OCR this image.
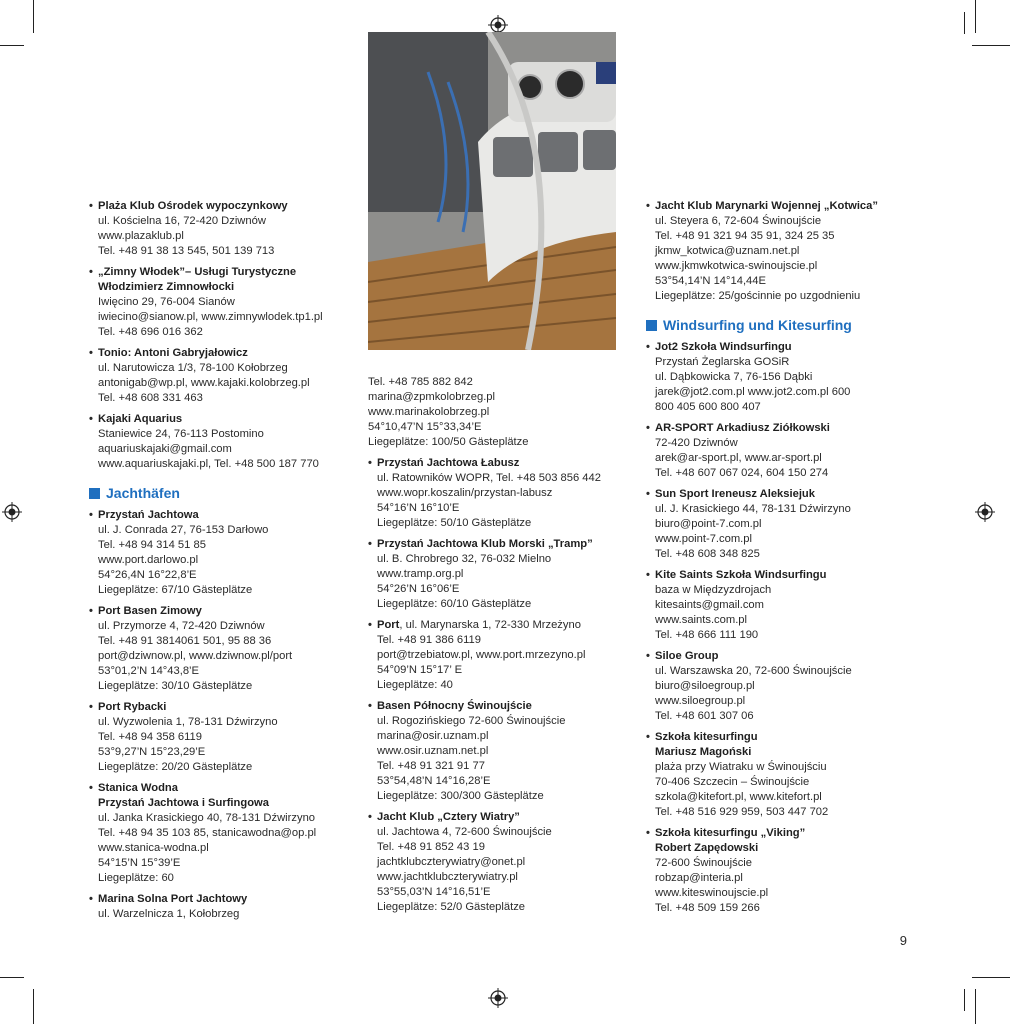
• Plaża Klub Ośrodek wypoczynkowy
ul. Kościelna 16, 72-420 Dziwnów
www.plazaklub.pl
Tel. +48 91 38 13 545, 501 139 713
• „Zimny Włodek”– Usługi Turystyczne
Włodzimierz Zimnowłocki
Iwięcino 29, 76-004 Sianów
iwiecino@sianow.pl, www.zimnywlodek.tp1.pl
Tel. +48 696 016 362
• Tonio: Antoni Gabryjałowicz
ul. Narutowicza 1/3, 78-100 Kołobrzeg
antonigab@wp.pl, www.kajaki.kolobrzeg.pl
Tel. +48 608 331 463
• Kajaki Aquarius
Staniewice 24, 76-113 Postomino
aquariuskajaki@gmail.com
www.aquariuskajaki.pl, Tel. +48 500 187 770
Jachthäfen
• Przystań Jachtowa
ul. J. Conrada 27, 76-153 Darłowo
Tel. +48 94 314 51 85
www.port.darlowo.pl
54°26,4N 16°22,8’E
Liegeplätze: 67/10 Gästeplätze
• Port Basen Zimowy
ul. Przymorze 4, 72-420 Dziwnów
Tel. +48 91 3814061 501, 95 88 36
port@dziwnow.pl, www.dziwnow.pl/port
53°01,2’N 14°43,8’E
Liegeplätze: 30/10 Gästeplätze
• Port Rybacki
ul. Wyzwolenia 1, 78-131 Dźwirzyno
Tel. +48 94 358 6119
53°9,27’N 15°23,29’E
Liegeplätze: 20/20 Gästeplätze
• Stanica Wodna
Przystań Jachtowa i Surfingowa
ul. Janka Krasickiego 40, 78-131 Dźwirzyno
Tel. +48 94 35 103 85, stanicawodna@op.pl
www.stanica-wodna.pl
54°15’N 15°39’E
Liegeplätze: 60
• Marina Solna Port Jachtowy
ul. Warzelnicza 1, Kołobrzeg
Tel. +48 785 882 842
marina@zpmkolobrzeg.pl
www.marinakolobrzeg.pl
54°10,47’N 15°33,34’E
Liegeplätze: 100/50 Gästeplätze
• Przystań Jachtowa Łabusz
ul. Ratowników WOPR, Tel. +48 503 856 442
www.wopr.koszalin/przystan-labusz
54°16’N 16°10’E
Liegeplätze: 50/10 Gästeplätze
• Przystań Jachtowa Klub Morski „Tramp”
ul. B. Chrobrego 32, 76-032 Mielno
www.tramp.org.pl
54°26’N 16°06’E
Liegeplätze: 60/10 Gästeplätze
• Port, ul. Marynarska 1, 72-330 Mrzeżyno
Tel. +48 91 386 6119
port@trzebiatow.pl, www.port.mrzezyno.pl
54°09’N 15°17’ E
Liegeplätze: 40
• Basen Północny Świnoujście
ul. Rogozińskiego 72-600 Świnoujście
marina@osir.uznam.pl
www.osir.uznam.net.pl
Tel. +48 91 321 91 77
53°54,48’N 14°16,28’E
Liegeplätze: 300/300 Gästeplätze
• Jacht Klub „Cztery Wiatry”
ul. Jachtowa 4, 72-600 Świnoujście
Tel. +48 91 852 43 19
jachtklubczterywiatry@onet.pl
www.jachtklubczterywiatry.pl
53°55,03’N 14°16,51’E
Liegeplätze: 52/0 Gästeplätze
• Jacht Klub Marynarki Wojennej „Kotwica”
ul. Steyera 6, 72-604 Świnoujście
Tel. +48 91 321 94 35 91, 324 25 35
jkmw_kotwica@uznam.net.pl
www.jkmwkotwica-swinoujscie.pl
53°54,14’N 14°14,44E
Liegeplätze: 25/gościnnie po uzgodnieniu
Windsurfing und Kitesurfing
• Jot2 Szkoła Windsurfingu
Przystań Żeglarska GOSiR
ul. Dąbkowicka 7, 76-156 Dąbki
jarek@jot2.com.pl www.jot2.com.pl 600
800 405 600 800 407
• AR-SPORT Arkadiusz Ziółkowski
72-420 Dziwnów
arek@ar-sport.pl, www.ar-sport.pl
Tel. +48 607 067 024, 604 150 274
• Sun Sport Ireneusz Aleksiejuk
ul. J. Krasickiego 44, 78-131 Dźwirzyno
biuro@point-7.com.pl
www.point-7.com.pl
Tel. +48 608 348 825
• Kite Saints Szkoła Windsurfingu
baza w Międzyzdrojach
kitesaints@gmail.com
www.saints.com.pl
Tel. +48 666 111 190
• Siloe Group
ul. Warszawska 20, 72-600 Świnoujście
biuro@siloegroup.pl
www.siloegroup.pl
Tel. +48 601 307 06
• Szkoła kitesurfingu
Mariusz Magoński
plaża przy Wiatraku w Świnoujściu
70-406 Szczecin – Świnoujście
szkola@kitefort.pl, www.kitefort.pl
Tel. +48 516 929 959, 503 447 702
• Szkoła kitesurfingu „Viking”
Robert Zapędowski
72-600 Świnoujście
robzap@interia.pl
www.kiteswinoujscie.pl
Tel. +48 509 159 266
9
